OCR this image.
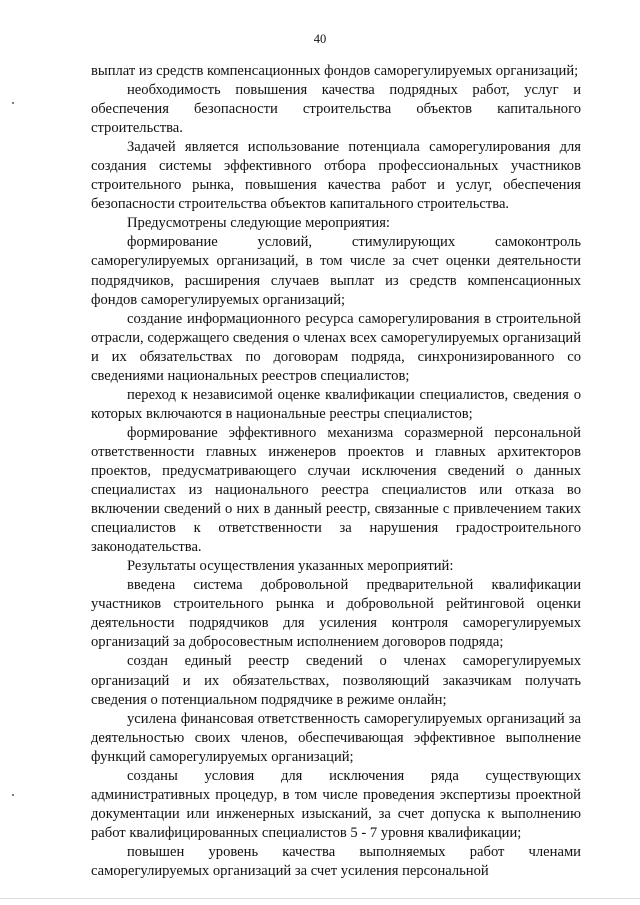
40

выплат из средств компенсационных фондов саморегулируемых организаций;

необходимость повышения качества подрядных работ, услуг и обеспечения безопасности строительства объектов капитального строительства.

Задачей является использование потенциала саморегулирования для создания системы эффективного отбора профессиональных участников строительного рынка, повышения качества работ и услуг, обеспечения безопасности строительства объектов капитального строительства.

Предусмотрены следующие мероприятия:

формирование условий, стимулирующих самоконтроль саморегулируемых организаций, в том числе за счет оценки деятельности подрядчиков, расширения случаев выплат из средств компенсационных фондов саморегулируемых организаций;

создание информационного ресурса саморегулирования в строительной отрасли, содержащего сведения о членах всех саморегулируемых организаций и их обязательствах по договорам подряда, синхронизированного со сведениями национальных реестров специалистов;

переход к независимой оценке квалификации специалистов, сведения о которых включаются в национальные реестры специалистов;

формирование эффективного механизма соразмерной персональной ответственности главных инженеров проектов и главных архитекторов проектов, предусматривающего случаи исключения сведений о данных специалистах из национального реестра специалистов или отказа во включении сведений о них в данный реестр, связанные с привлечением таких специалистов к ответственности за нарушения градостроительного законодательства.

Результаты осуществления указанных мероприятий:

введена система добровольной предварительной квалификации участников строительного рынка и добровольной рейтинговой оценки деятельности подрядчиков для усиления контроля саморегулируемых организаций за добросовестным исполнением договоров подряда;

создан единый реестр сведений о членах саморегулируемых организаций и их обязательствах, позволяющий заказчикам получать сведения о потенциальном подрядчике в режиме онлайн;

усилена финансовая ответственность саморегулируемых организаций за деятельностью своих членов, обеспечивающая эффективное выполнение функций саморегулируемых организаций;

созданы условия для исключения ряда существующих административных процедур, в том числе проведения экспертизы проектной документации или инженерных изысканий, за счет допуска к выполнению работ квалифицированных специалистов 5 - 7 уровня квалификации;

повышен уровень качества выполняемых работ членами саморегулируемых организаций за счет усиления персональной
